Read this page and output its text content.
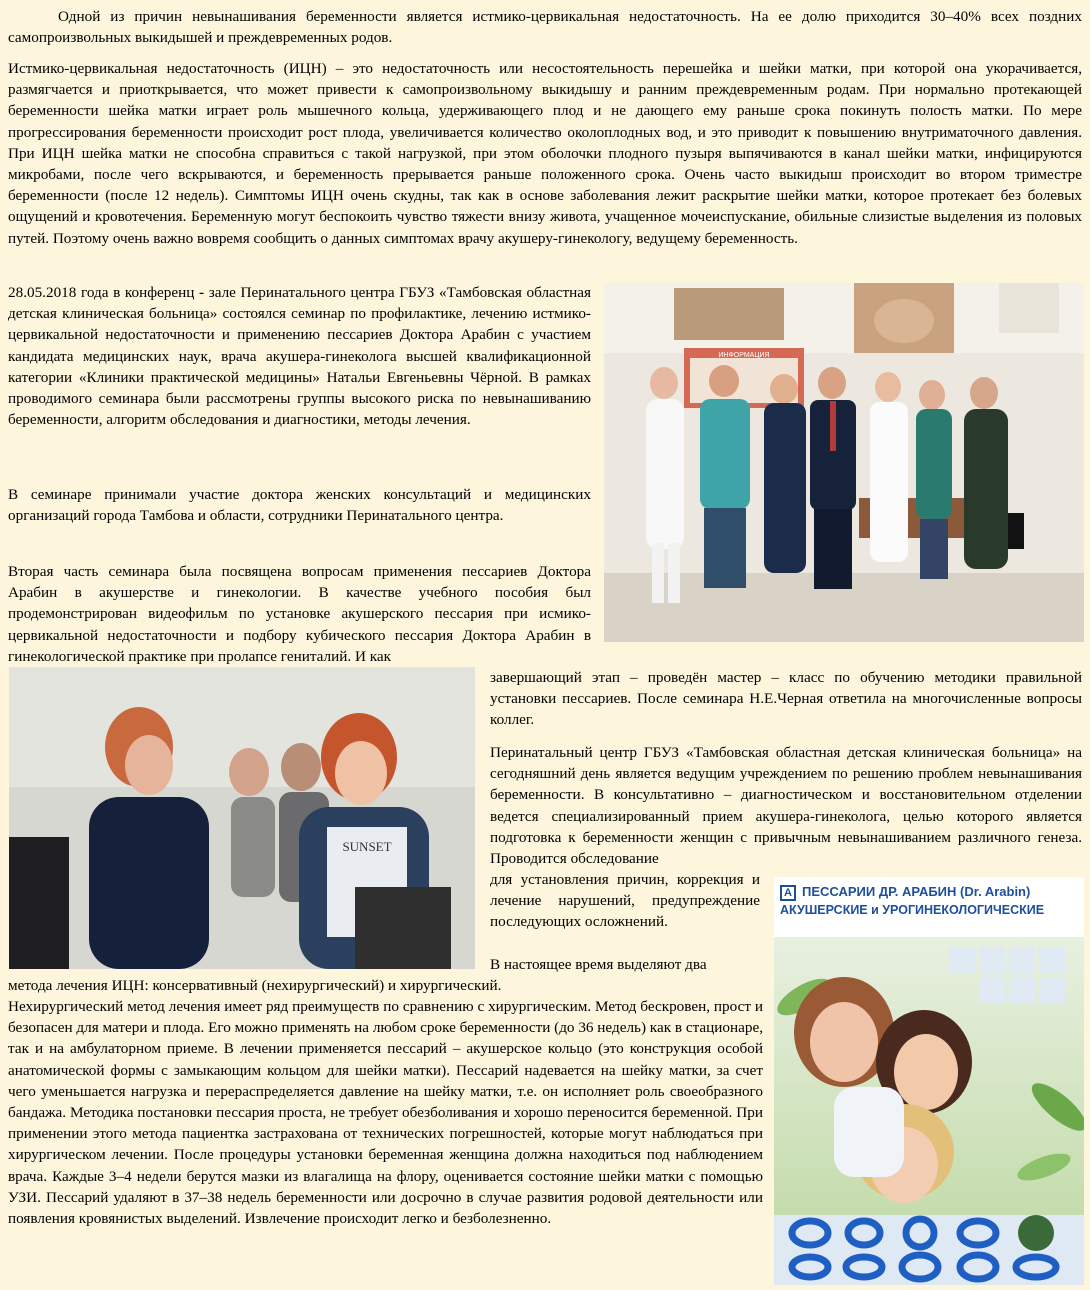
Одной из причин невынашивания беременности является истмико-цервикальная недостаточность. На ее долю приходится 30–40% всех поздних самопроизвольных выкидышей и преждевременных родов.

Истмико-цервикальная недостаточность (ИЦН) – это недостаточность или несостоятельность перешейка и шейки матки, при которой она укорачивается, размягчается и приоткрывается, что может привести к самопроизвольному выкидышу и ранним преждевременным родам. При нормально протекающей беременности шейка матки играет роль мышечного кольца, удерживающего плод и не дающего ему раньше срока покинуть полость матки. По мере прогрессирования беременности происходит рост плода, увеличивается количество околоплодных вод, и это приводит к повышению внутриматочного давления. При ИЦН шейка матки не способна справиться с такой нагрузкой, при этом оболочки плодного пузыря выпячиваются в канал шейки матки, инфицируются микробами, после чего вскрываются, и беременность прерывается раньше положенного срока. Очень часто выкидыш происходит во втором триместре беременности (после 12 недель). Симптомы ИЦН очень скудны, так как в основе заболевания лежит раскрытие шейки матки, которое протекает без болевых ощущений и кровотечения. Беременную могут беспокоить чувство тяжести внизу живота, учащенное мочеиспускание, обильные слизистые выделения из половых путей. Поэтому очень важно вовремя сообщить о данных симптомах врачу акушеру-гинекологу, ведущему беременность.

28.05.2018 года в конференц - зале Перинатального центра ГБУЗ «Тамбовская областная детская клиническая больница» состоялся семинар по профилактике, лечению истмико-цервикальной недостаточности и применению пессариев Доктора Арабин с участием кандидата медицинских наук, врача акушера-гинеколога высшей квалификационной категории «Клиники практической медицины» Натальи Евгеньевны Чёрной. В рамках проводимого семинара были рассмотрены группы высокого риска по невынашиванию беременности, алгоритм обследования и диагностики, методы лечения.

В семинаре принимали участие доктора женских консультаций и медицинских организаций города Тамбова и области, сотрудники Перинатального центра.

Вторая часть семинара была посвящена вопросам применения пессариев Доктора Арабин в акушерстве и гинекологии. В качестве учебного пособия был продемонстрирован видеофильм по установке акушерского пессария при исмико-цервикальной недостаточности и подбору кубического пессария Доктора Арабин в гинекологической практике при пролапсе гениталий. И как

завершающий этап – проведён мастер – класс по обучению методики правильной установки пессариев. После семинара Н.Е.Черная ответила на многочисленные вопросы коллег.

Перинатальный центр ГБУЗ «Тамбовская областная детская клиническая больница» на сегодняшний день является ведущим учреждением по решению проблем невынашивания беременности. В консультативно – диагностическом и восстановительном отделении ведется специализированный прием акушера-гинеколога, целью которого является подготовка к беременности женщин с привычным невынашиванием различного генеза. Проводится обследование

для установления причин, коррекция и лечение нарушений, предупреждение последующих осложнений.

В настоящее время выделяют два

метода лечения ИЦН: консервативный (нехирургический) и хирургический.

Нехирургический метод лечения имеет ряд преимуществ по сравнению с хирургическим. Метод бескровен, прост и безопасен для матери и плода. Его можно применять на любом сроке беременности (до 36 недель) как в стационаре, так и на амбулаторном приеме. В лечении применяется пессарий – акушерское кольцо (это конструкция особой анатомической формы с замыкающим кольцом для шейки матки). Пессарий надевается на шейку матки, за счет чего уменьшается нагрузка и перераспределяется давление на шейку матки, т.е. он исполняет роль своеобразного бандажа. Методика постановки пессария проста, не требует обезболивания и хорошо переносится беременной. При применении этого метода пациентка застрахована от технических погрешностей, которые могут наблюдаться при хирургическом лечении. После процедуры установки беременная женщина должна находиться под наблюдением врача. Каждые 3–4 недели берутся мазки из влагалища на флору, оценивается состояние шейки матки с помощью УЗИ. Пессарий удаляют в 37–38 недель беременности или досрочно в случае развития родовой деятельности или появления кровянистых выделений. Извлечение происходит легко и безболезненно.

ИНФОРМАЦИЯ
SUNSET
A ПЕССАРИИ ДР. АРАБИН (Dr. Arabin)
АКУШЕРСКИЕ и УРОГИНЕКОЛОГИЧЕСКИЕ
